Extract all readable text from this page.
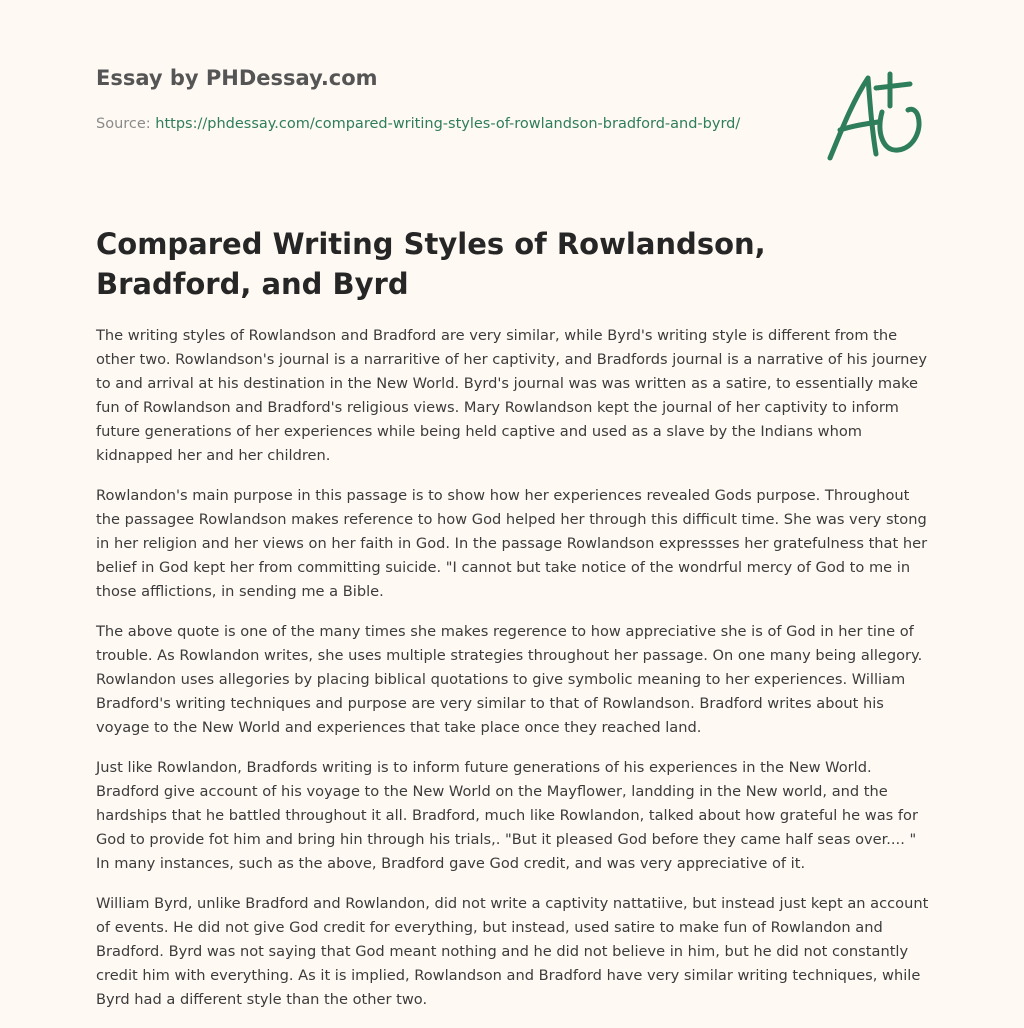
Essay by PHDessay.com
Source: https://phdessay.com/compared-writing-styles-of-rowlandson-bradford-and-byrd/
Compared Writing Styles of Rowlandson, Bradford, and Byrd

The writing styles of Rowlandson and Bradford are very similar, while Byrd's writing style is different from the other two. Rowlandson's journal is a narraritive of her captivity, and Bradfords journal is a narrative of his journey to and arrival at his destination in the New World. Byrd's journal was was written as a satire, to essentially make fun of Rowlandson and Bradford's religious views. Mary Rowlandson kept the journal of her captivity to inform future generations of her experiences while being held captive and used as a slave by the Indians whom kidnapped her and her children.

Rowlandon's main purpose in this passage is to show how her experiences revealed Gods purpose. Throughout the passagee Rowlandson makes reference to how God helped her through this difficult time. She was very stong in her religion and her views on her faith in God. In the passage Rowlandson expressses her gratefulness that her belief in God kept her from committing suicide. "I cannot but take notice of the wondrful mercy of God to me in those afflictions, in sending me a Bible.

The above quote is one of the many times she makes regerence to how appreciative she is of God in her tine of trouble. As Rowlandon writes, she uses multiple strategies throughout her passage. On one many being allegory. Rowlandon uses allegories by placing biblical quotations to give symbolic meaning to her experiences. William Bradford's writing techniques and purpose are very similar to that of Rowlandson. Bradford writes about his voyage to the New World and experiences that take place once they reached land.

Just like Rowlandon, Bradfords writing is to inform future generations of his experiences in the New World. Bradford give account of his voyage to the New World on the Mayflower, landding in the New world, and the hardships that he battled throughout it all. Bradford, much like Rowlandon, talked about how grateful he was for God to provide fot him and bring hin through his trials,. "But it pleased God before they came half seas over.... " In many instances, such as the above, Bradford gave God credit, and was very appreciative of it.

William Byrd, unlike Bradford and Rowlandon, did not write a captivity nattatiive, but instead just kept an account of events. He did not give God credit for everything, but instead, used satire to make fun of Rowlandon and Bradford. Byrd was not saying that God meant nothing and he did not believe in him, but he did not constantly credit him with everything. As it is implied, Rowlandson and Bradford have very similar writing techniques, while Byrd had a different style than the other two.
